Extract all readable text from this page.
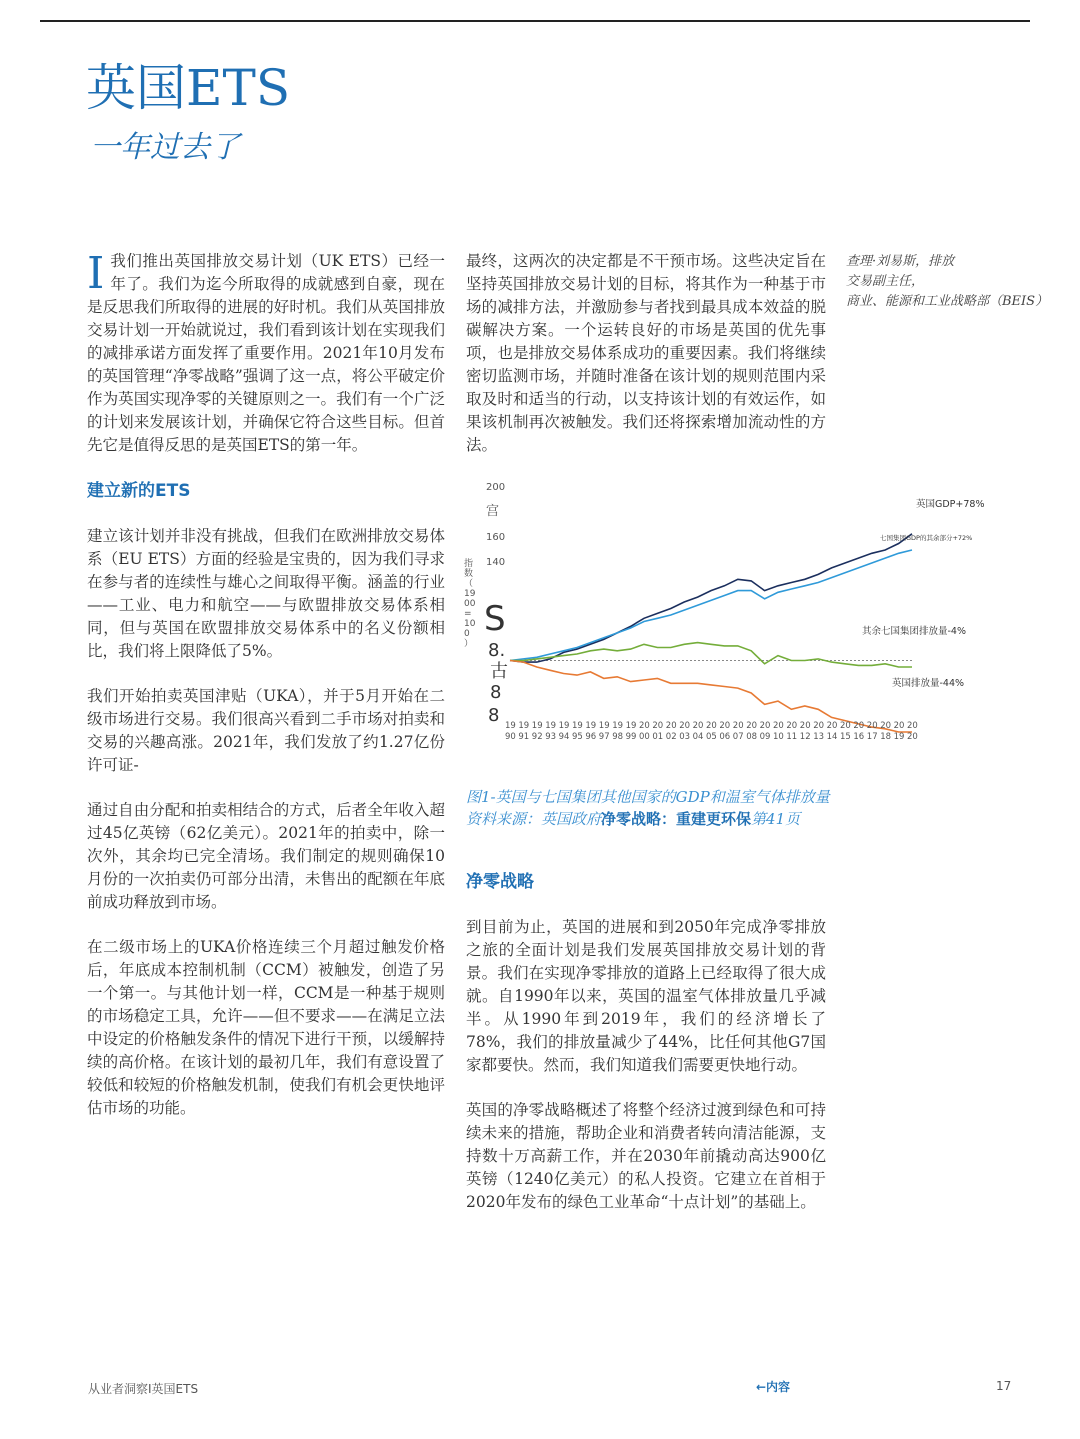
英国ETS
一年过去了

I 我们推出英国排放交易计划（UK ETS）已经一年了。我们为迄今所取得的成就感到自豪，现在是反思我们所取得的进展的好时机。我们从英国排放交易计划一开始就说过，我们看到该计划在实现我们的减排承诺方面发挥了重要作用。2021年10月发布的英国管理“净零战略”强调了这一点，将公平破定价作为英国实现净零的关键原则之一。我们有一个广泛的计划来发展该计划，并确保它符合这些目标。但首先它是值得反思的是英国ETS的第一年。

建立新的ETS

建立该计划并非没有挑战，但我们在欧洲排放交易体系（EU ETS）方面的经验是宝贵的，因为我们寻求在参与者的连续性与雄心之间取得平衡。涵盖的行业——工业、电力和航空——与欧盟排放交易体系相同，但与英国在欧盟排放交易体系中的名义份额相比，我们将上限降低了5%。

我们开始拍卖英国津贴（UKA），并于5月开始在二级市场进行交易。我们很高兴看到二手市场对拍卖和交易的兴趣高涨。2021年，我们发放了约1.27亿份许可证-

通过自由分配和拍卖相结合的方式，后者全年收入超过45亿英镑（62亿美元）。2021年的拍卖中，除一次外，其余均已完全清场。我们制定的规则确保10月份的一次拍卖仍可部分出清，未售出的配额在年底前成功释放到市场。

在二级市场上的UKA价格连续三个月超过触发价格后，年底成本控制机制（CCM）被触发，创造了另一个第一。与其他计划一样，CCM是一种基于规则的市场稳定工具，允许——但不要求——在满足立法中设定的价格触发条件的情况下进行干预，以缓解持续的高价格。在该计划的最初几年，我们有意设置了较低和较短的价格触发机制，使我们有机会更快地评估市场的功能。

最终，这两次的决定都是不干预市场。这些决定旨在坚持英国排放交易计划的目标，将其作为一种基于市场的减排方法，并激励参与者找到最具成本效益的脱碳解决方案。一个运转良好的市场是英国的优先事项，也是排放交易体系成功的重要因素。我们将继续密切监测市场，并随时准备在该计划的规则范围内采取及时和适当的行动，以支持该计划的有效运作，如果该机制再次被触发。我们还将探索增加流动性的方法。

查理·刘易斯，排放
交易副主任，
商业、能源和工业战略部（BEIS）
200
宫
160
140
指
数
（
19
00
=
10
0
）
S
8.
古
8
8
英国GDP+78%
七国集团GDP的其余部分+72%
其余七国集团排放量-4%
英国排放量-44%
19
90
19
91
19
92
19
93
19
94
19
95
19
96
19
97
19
98
19
99
20
00
20
01
20
02
20
03
20
04
20
05
20
06
20
07
20
08
20
09
20
10
20
11
20
12
20
13
20
14
20
15
20
16
20
17
20
18
20
19
20
20
图1-英国与七国集团其他国家的GDP和温室气体排放量
资料来源：英国政府净零战略：重建更环保第41页
净零战略

到目前为止，英国的进展和到2050年完成净零排放之旅的全面计划是我们发展英国排放交易计划的背景。我们在实现净零排放的道路上已经取得了很大成就。自1990年以来，英国的温室气体排放量几乎减半。从1990年到2019年，我们的经济增长了78%，我们的排放量减少了44%，比任何其他G7国家都要快。然而，我们知道我们需要更快地行动。

英国的净零战略概述了将整个经济过渡到绿色和可持续未来的措施，帮助企业和消费者转向清洁能源，支持数十万高薪工作，并在2030年前撬动高达900亿英镑（1240亿美元）的私人投资。它建立在首相于2020年发布的绿色工业革命“十点计划”的基础上。

从业者洞察I英国ETS	←内容	17
